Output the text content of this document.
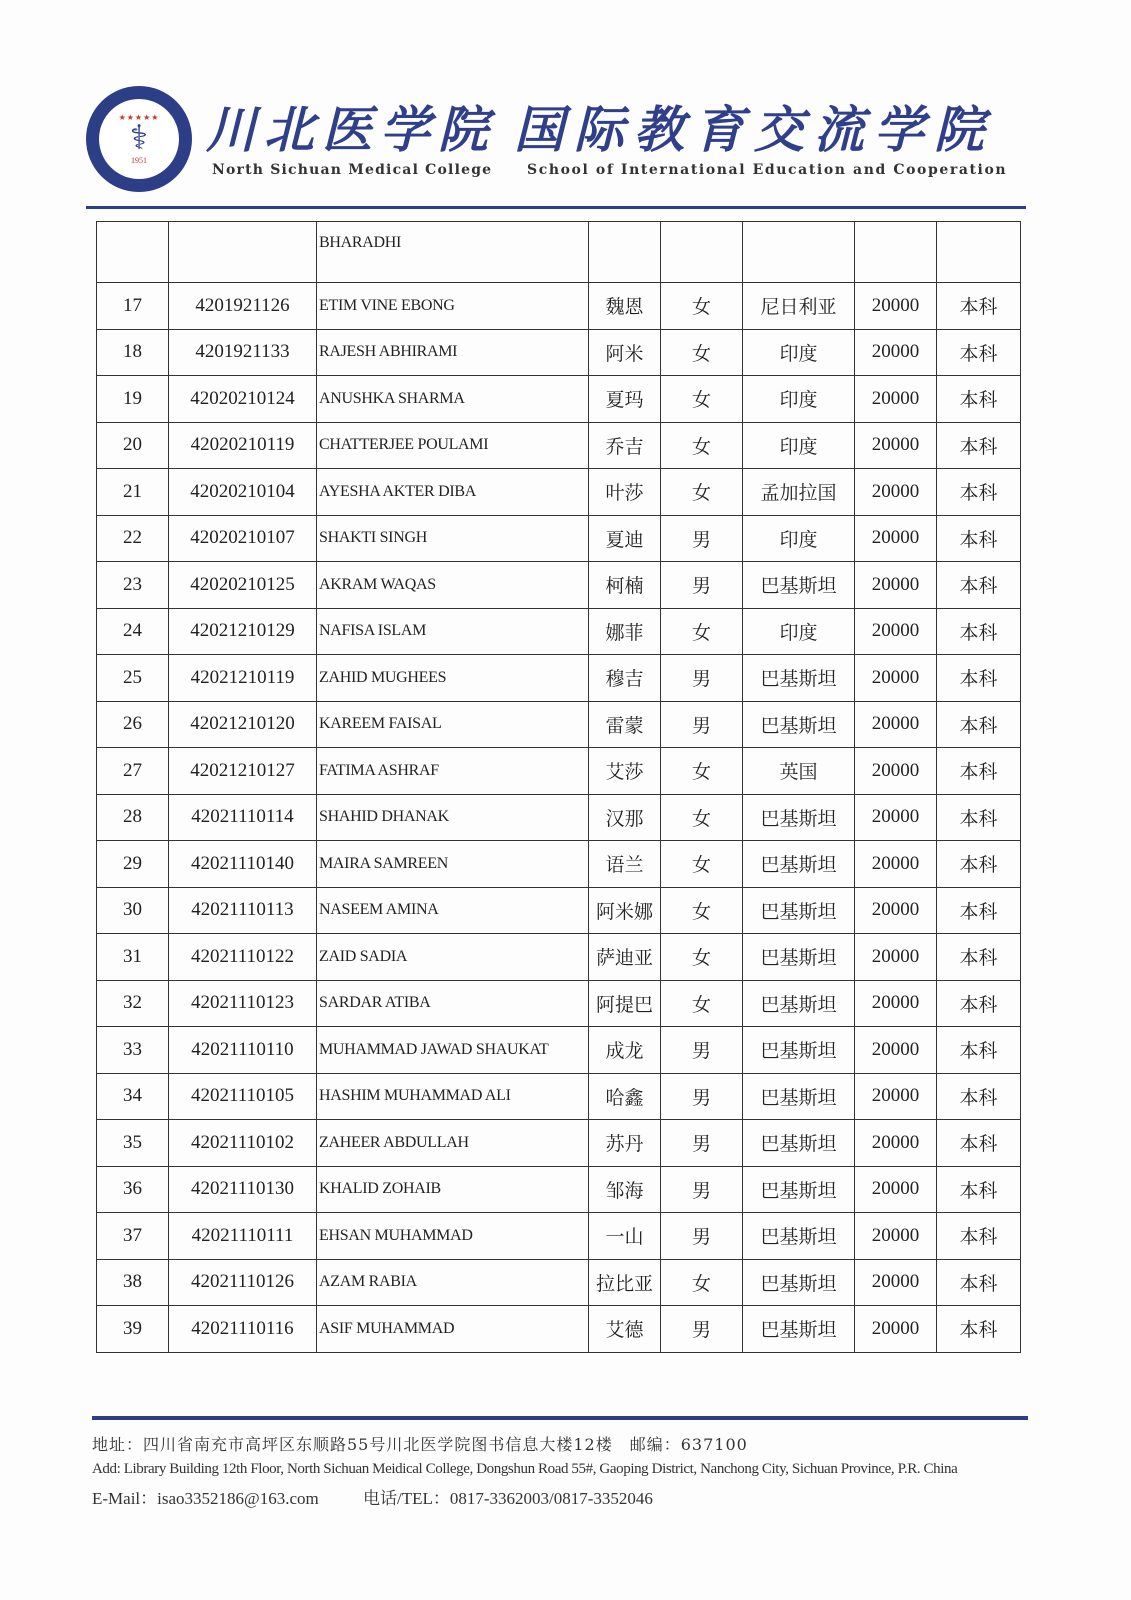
★★★★★
⚕
1951
川北医学院
North Sichuan Medical College
国际教育交流学院
School of International Education and Cooperation
		BHARADHI					
17	4201921126	ETIM VINE EBONG	魏恩	女	尼日利亚	20000	本科
18	4201921133	RAJESH ABHIRAMI	阿米	女	印度	20000	本科
19	42020210124	ANUSHKA SHARMA	夏玛	女	印度	20000	本科
20	42020210119	CHATTERJEE POULAMI	乔吉	女	印度	20000	本科
21	42020210104	AYESHA AKTER DIBA	叶莎	女	孟加拉国	20000	本科
22	42020210107	SHAKTI SINGH	夏迪	男	印度	20000	本科
23	42020210125	AKRAM WAQAS	柯楠	男	巴基斯坦	20000	本科
24	42021210129	NAFISA ISLAM	娜菲	女	印度	20000	本科
25	42021210119	ZAHID MUGHEES	穆吉	男	巴基斯坦	20000	本科
26	42021210120	KAREEM FAISAL	雷蒙	男	巴基斯坦	20000	本科
27	42021210127	FATIMA ASHRAF	艾莎	女	英国	20000	本科
28	42021110114	SHAHID DHANAK	汉那	女	巴基斯坦	20000	本科
29	42021110140	MAIRA SAMREEN	语兰	女	巴基斯坦	20000	本科
30	42021110113	NASEEM AMINA	阿米娜	女	巴基斯坦	20000	本科
31	42021110122	ZAID SADIA	萨迪亚	女	巴基斯坦	20000	本科
32	42021110123	SARDAR ATIBA	阿提巴	女	巴基斯坦	20000	本科
33	42021110110	MUHAMMAD JAWAD SHAUKAT	成龙	男	巴基斯坦	20000	本科
34	42021110105	HASHIM MUHAMMAD ALI	哈鑫	男	巴基斯坦	20000	本科
35	42021110102	ZAHEER ABDULLAH	苏丹	男	巴基斯坦	20000	本科
36	42021110130	KHALID ZOHAIB	邹海	男	巴基斯坦	20000	本科
37	42021110111	EHSAN MUHAMMAD	一山	男	巴基斯坦	20000	本科
38	42021110126	AZAM RABIA	拉比亚	女	巴基斯坦	20000	本科
39	42021110116	ASIF MUHAMMAD	艾德	男	巴基斯坦	20000	本科
地址：四川省南充市高坪区东顺路55号川北医学院图书信息大楼12楼　邮编：637100
Add: Library Building 12th Floor, North Sichuan Meidical College, Dongshun Road 55#, Gaoping District, Nanchong City, Sichuan Province, P.R. China
E-Mail：isao3352186@163.com	电话/TEL：0817-3362003/0817-3352046
